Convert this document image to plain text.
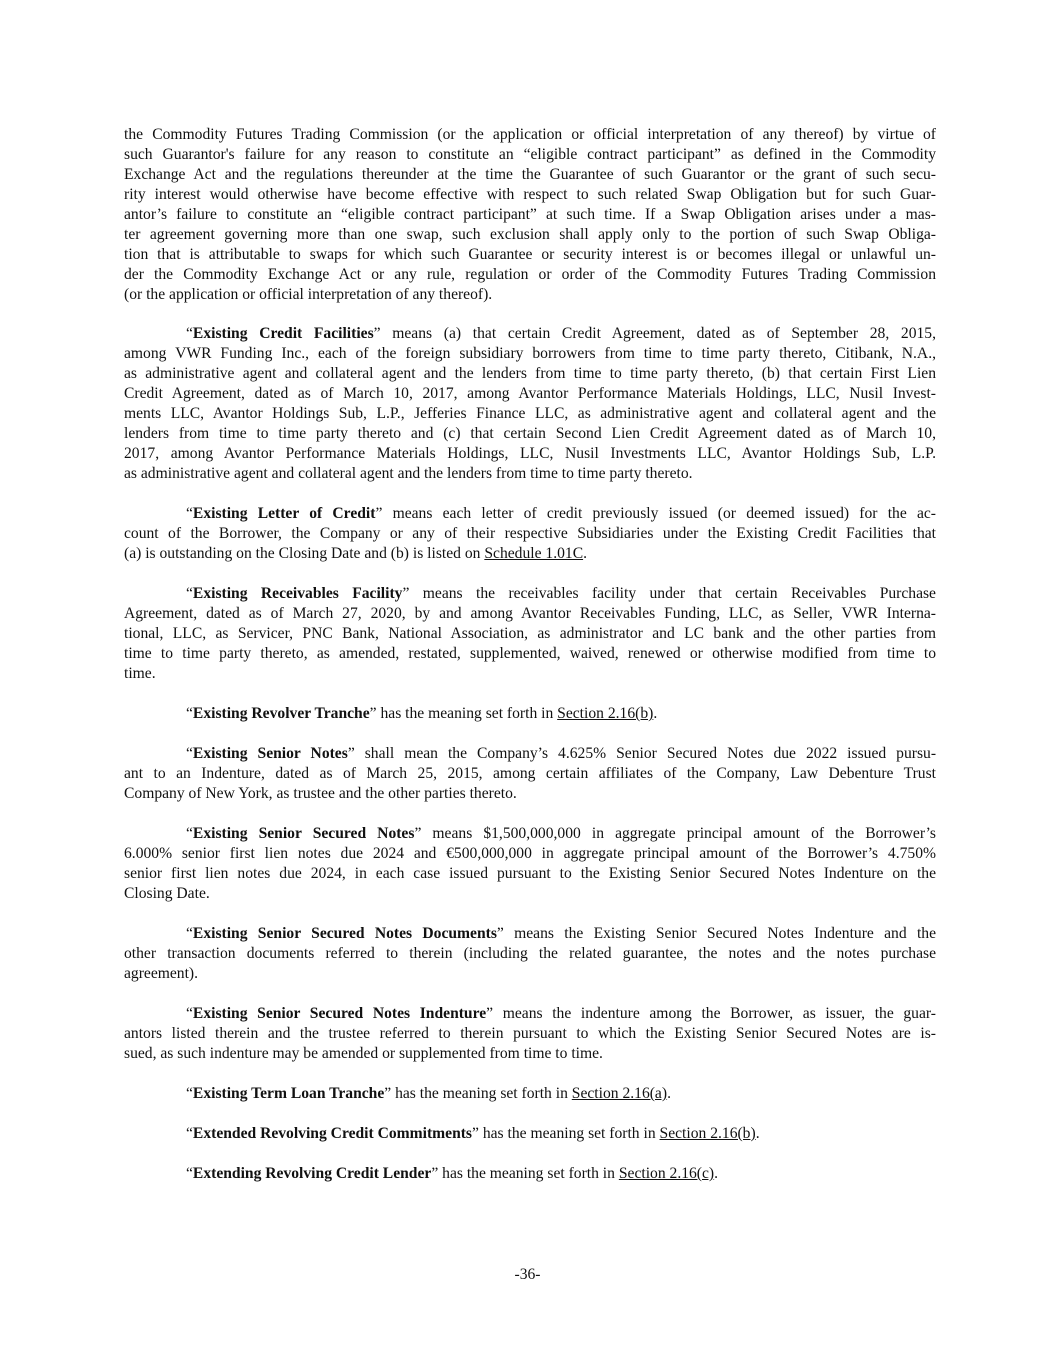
the Commodity Futures Trading Commission (or the application or official interpretation of any thereof) by virtue of
such Guarantor's failure for any reason to constitute an “eligible contract participant” as defined in the Commodity
Exchange Act and the regulations thereunder at the time the Guarantee of such Guarantor or the grant of such secu-
rity interest would otherwise have become effective with respect to such related Swap Obligation but for such Guar-
antor’s failure to constitute an “eligible contract participant” at such time. If a Swap Obligation arises under a mas-
ter agreement governing more than one swap, such exclusion shall apply only to the portion of such Swap Obliga-
tion that is attributable to swaps for which such Guarantee or security interest is or becomes illegal or unlawful un-
der the Commodity Exchange Act or any rule, regulation or order of the Commodity Futures Trading Commission
(or the application or official interpretation of any thereof).
“Existing Credit Facilities” means (a) that certain Credit Agreement, dated as of September 28, 2015,
among VWR Funding Inc., each of the foreign subsidiary borrowers from time to time party thereto, Citibank, N.A.,
as administrative agent and collateral agent and the lenders from time to time party thereto, (b) that certain First Lien
Credit Agreement, dated as of March 10, 2017, among Avantor Performance Materials Holdings, LLC, Nusil Invest-
ments LLC, Avantor Holdings Sub, L.P., Jefferies Finance LLC, as administrative agent and collateral agent and the
lenders from time to time party thereto and (c) that certain Second Lien Credit Agreement dated as of March 10,
2017, among Avantor Performance Materials Holdings, LLC, Nusil Investments LLC, Avantor Holdings Sub, L.P.
as administrative agent and collateral agent and the lenders from time to time party thereto.
“Existing Letter of Credit” means each letter of credit previously issued (or deemed issued) for the ac-
count of the Borrower, the Company or any of their respective Subsidiaries under the Existing Credit Facilities that
(a) is outstanding on the Closing Date and (b) is listed on Schedule 1.01C.
“Existing Receivables Facility” means the receivables facility under that certain Receivables Purchase
Agreement, dated as of March 27, 2020, by and among Avantor Receivables Funding, LLC, as Seller, VWR Interna-
tional, LLC, as Servicer, PNC Bank, National Association, as administrator and LC bank and the other parties from
time to time party thereto, as amended, restated, supplemented, waived, renewed or otherwise modified from time to
time.
“Existing Revolver Tranche” has the meaning set forth in Section 2.16(b).
“Existing Senior Notes” shall mean the Company’s 4.625% Senior Secured Notes due 2022 issued pursu-
ant to an Indenture, dated as of March 25, 2015, among certain affiliates of the Company, Law Debenture Trust
Company of New York, as trustee and the other parties thereto.
“Existing Senior Secured Notes” means $1,500,000,000 in aggregate principal amount of the Borrower’s
6.000% senior first lien notes due 2024 and €500,000,000 in aggregate principal amount of the Borrower’s 4.750%
senior first lien notes due 2024, in each case issued pursuant to the Existing Senior Secured Notes Indenture on the
Closing Date.
“Existing Senior Secured Notes Documents” means the Existing Senior Secured Notes Indenture and the
other transaction documents referred to therein (including the related guarantee, the notes and the notes purchase
agreement).
“Existing Senior Secured Notes Indenture” means the indenture among the Borrower, as issuer, the guar-
antors listed therein and the trustee referred to therein pursuant to which the Existing Senior Secured Notes are is-
sued, as such indenture may be amended or supplemented from time to time.
“Existing Term Loan Tranche” has the meaning set forth in Section 2.16(a).
“Extended Revolving Credit Commitments” has the meaning set forth in Section 2.16(b).
“Extending Revolving Credit Lender” has the meaning set forth in Section 2.16(c).
-36-
